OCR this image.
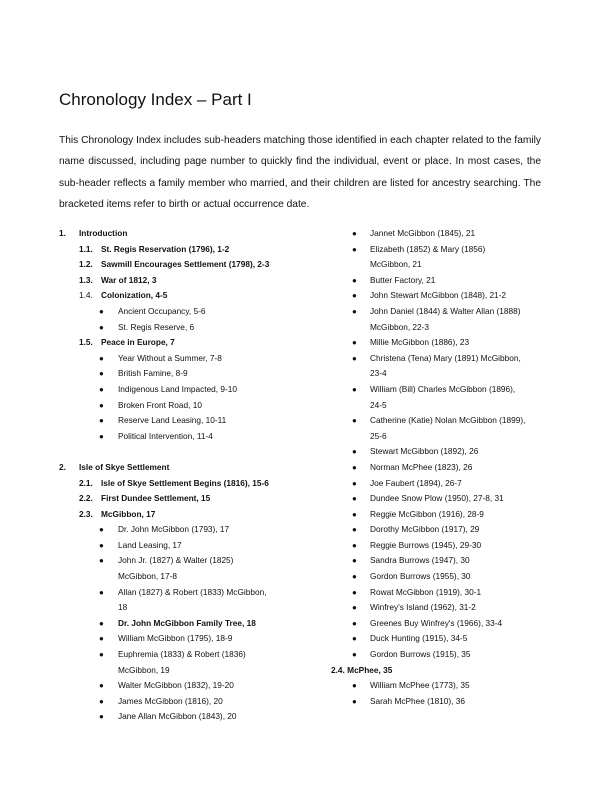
Chronology Index – Part I

This Chronology Index includes sub-headers matching those identified in each chapter related to the family name discussed, including page number to quickly find the individual, event or place. In most cases, the sub-header reflects a family member who married, and their children are listed for ancestry searching. The bracketed items refer to birth or actual occurrence date.

1. Introduction
1.1. St. Regis Reservation (1796), 1-2
1.2. Sawmill Encourages Settlement (1798), 2-3
1.3. War of 1812, 3
1.4. Colonization, 4-5
● Ancient Occupancy, 5-6
● St. Regis Reserve, 6
1.5. Peace in Europe, 7
● Year Without a Summer, 7-8
● British Famine, 8-9
● Indigenous Land Impacted, 9-10
● Broken Front Road, 10
● Reserve Land Leasing, 10-11
● Political Intervention, 11-4
2. Isle of Skye Settlement
2.1. Isle of Skye Settlement Begins (1816), 15-6
2.2. First Dundee Settlement, 15
2.3. McGibbon, 17
● Dr. John McGibbon (1793), 17
● Land Leasing, 17
● John Jr. (1827) & Walter (1825)
McGibbon, 17-8
● Allan (1827) & Robert (1833) McGibbon,
18
● Dr. John McGibbon Family Tree, 18
● William McGibbon (1795), 18-9
● Euphremia (1833) & Robert (1836)
McGibbon, 19
● Walter McGibbon (1832), 19-20
● James McGibbon (1816), 20
● Jane Allan McGibbon (1843), 20
● Jannet McGibbon (1845), 21
● Elizabeth (1852) & Mary (1856)
McGibbon, 21
● Butter Factory, 21
● John Stewart McGibbon (1848), 21-2
● John Daniel (1844) & Walter Allan (1888)
McGibbon, 22-3
● Millie McGibbon (1886), 23
● Christena (Tena) Mary (1891) McGibbon,
23-4
● William (Bill) Charles McGibbon (1896),
24-5
● Catherine (Katie) Nolan McGibbon (1899),
25-6
● Stewart McGibbon (1892), 26
● Norman McPhee (1823), 26
● Joe Faubert (1894), 26-7
● Dundee Snow Plow (1950), 27-8, 31
● Reggie McGibbon (1916), 28-9
● Dorothy McGibbon (1917), 29
● Reggie Burrows (1945), 29-30
● Sandra Burrows (1947), 30
● Gordon Burrows (1955), 30
● Rowat McGibbon (1919), 30-1
● Winfrey's Island (1962), 31-2
● Greenes Buy Winfrey's (1966), 33-4
● Duck Hunting (1915), 34-5
● Gordon Burrows (1915), 35
2.4. McPhee, 35
● William McPhee (1773), 35
● Sarah McPhee (1810), 36
